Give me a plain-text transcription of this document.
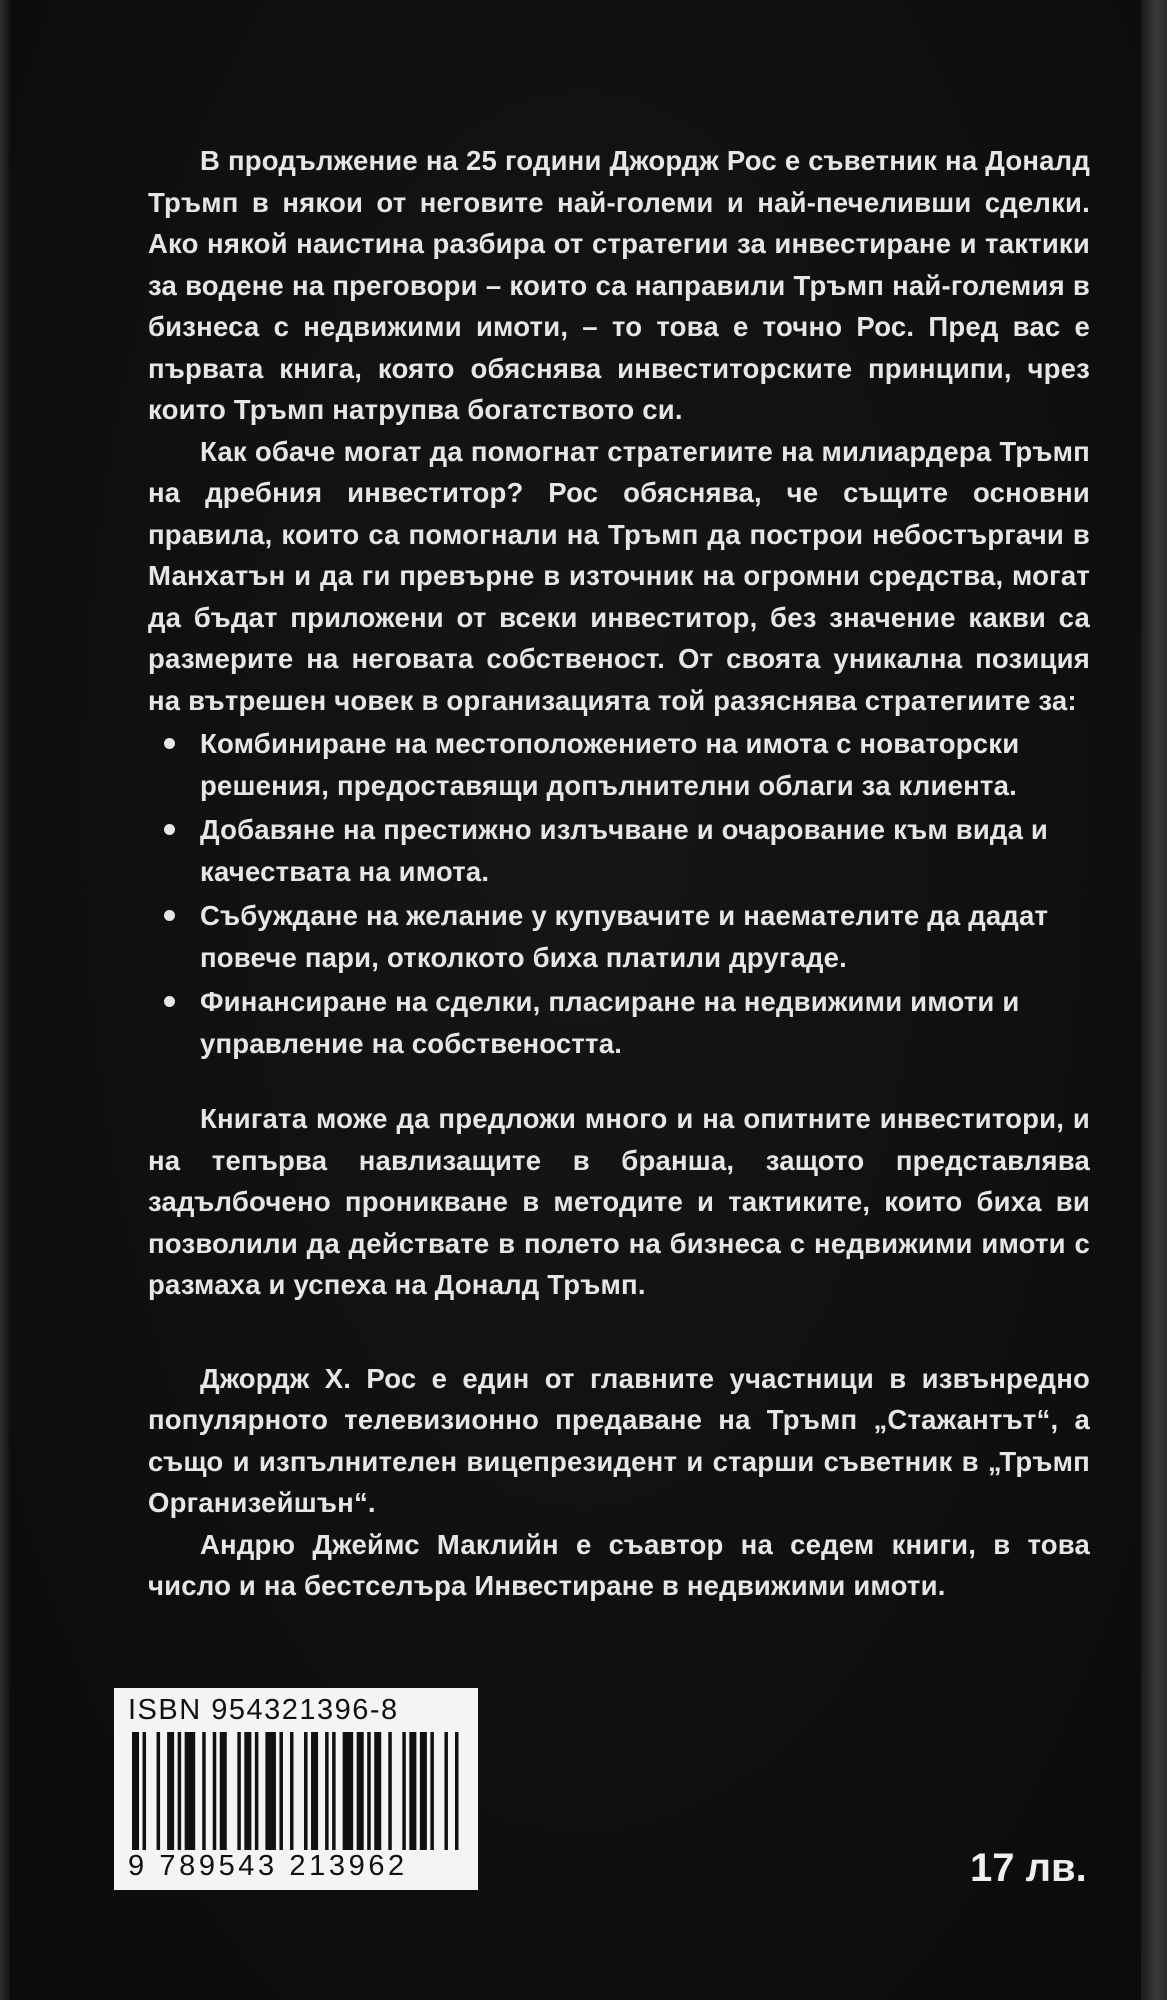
В продължение на 25 години Джордж Рос е съветник на Доналд Тръмп в някои от неговите най-големи и най-печеливши сделки. Ако някой наистина разбира от стратегии за инвестиране и тактики за водене на преговори – които са направили Тръмп най-големия в бизнеса с недвижими имоти, – то това е точно Рос. Пред вас е първата книга, която обяснява инвеститорските принципи, чрез които Тръмп натрупва богатството си.

Как обаче могат да помогнат стратегиите на милиардера Тръмп на дребния инвеститор? Рос обяснява, че същите основни правила, които са помогнали на Тръмп да построи небостъргачи в Манхатън и да ги превърне в източник на огромни средства, могат да бъдат приложени от всеки инвеститор, без значение какви са размерите на неговата собственост. От своята уникална позиция на вътрешен човек в организацията той разяснява стратегиите за:

Комбиниране на местоположението на имота с новаторски решения, предоставящи допълнителни облаги за клиента.
Добавяне на престижно излъчване и очарование към вида и качествата на имота.
Събуждане на желание у купувачите и наемателите да дадат повече пари, отколкото биха платили другаде.
Финансиране на сделки, пласиране на недвижими имоти и управление на собствеността.

Книгата може да предложи много и на опитните инвеститори, и на тепърва навлизащите в бранша, защото представлява задълбочено проникване в методите и тактиките, които биха ви позволили да действате в полето на бизнеса с недвижими имоти с размаха и успеха на Доналд Тръмп.

Джордж Х. Рос е един от главните участници в извънредно популярното телевизионно предаване на Тръмп „Стажантът“, а също и изпълнителен вицепрезидент и старши съветник в „Тръмп Организейшън“.

Андрю Джеймс Маклийн е съавтор на седем книги, в това число и на бестселъра Инвестиране в недвижими имоти.

ISBN 954321396-8
9 789543 213962	17 лв.
